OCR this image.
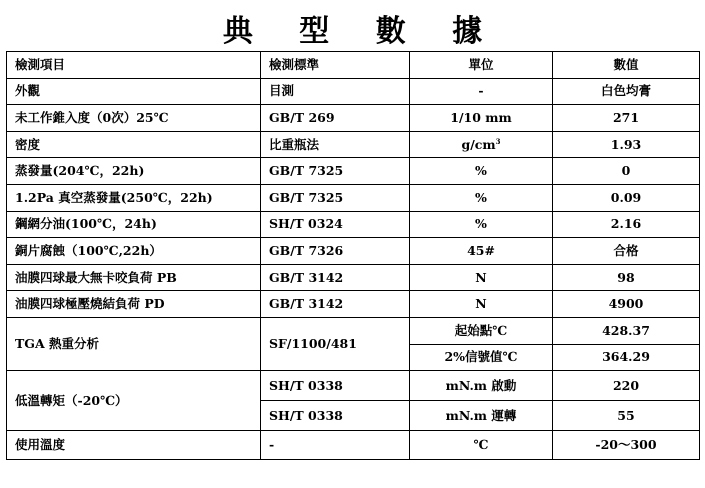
典 型 數 據
檢測項目	檢測標準	單位	數值
外觀	目測	-	白色均膏
未工作錐入度（0次）25℃	GB/T 269	1/10 mm	271
密度	比重瓶法	$g/cm^3$	1.93
蒸發量(204℃，22h)	GB/T 7325	%	0
1.2Pa 真空蒸發量(250℃，22h)	GB/T 7325	%	0.09
鋼網分油(100℃，24h)	SH/T 0324	%	2.16
銅片腐蝕（100℃,22h）	GB/T 7326	45#	合格
油膜四球最大無卡咬負荷 PB	GB/T 3142	N	98
油膜四球極壓燒結負荷 PD	GB/T 3142	N	4900
TGA 熱重分析	SF/1100/481	起始點℃	428.37
		2%信號值℃	364.29
低溫轉矩（-20℃）	SH/T 0338	mN.m 啟動	220
	SH/T 0338	mN.m 運轉	55
使用溫度	-	℃	-20～300
